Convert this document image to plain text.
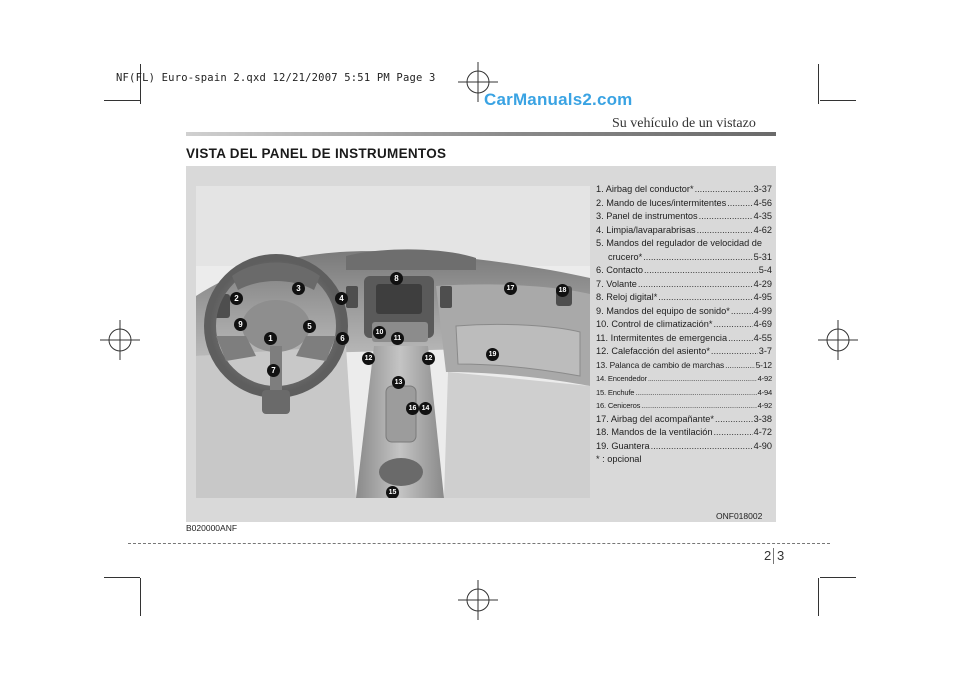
NF(FL) Euro-spain 2.qxd 12/21/2007 5:51 PM Page 3
CarManuals2.com
Su vehículo de un vistazo
VISTA DEL PANEL DE INSTRUMENTOS
1
2
3
4
5
6
7
8
9
10
11
12	12
13
14
15
16
17	18
19
1. Airbag del conductor* .....	3-37
2. Mando de luces/intermitentes .....	4-56
3. Panel de instrumentos .....	4-35
4. Limpia/lavaparabrisas .....	4-62
5. Mandos del regulador de velocidad de
crucero* .....	5-31
6. Contacto .....	5-4
7. Volante .....	4-29
8. Reloj digital* .....	4-95
9. Mandos del equipo de sonido* .....	4-99
10. Control de climatización* .....	4-69
11. Intermitentes de emergencia .....	4-55
12. Calefacción del asiento* .....	3-7
13. Palanca de cambio de marchas .....	5-12
14. Encendedor .....	4-92
15. Enchufe .....	4-94
16. Ceniceros .....	4-92
17. Airbag del acompañante* .....	3-38
18. Mandos de la ventilación .....	4-72
19. Guantera .....	4-90
* : opcional
ONF018002
B020000ANF
2 3
